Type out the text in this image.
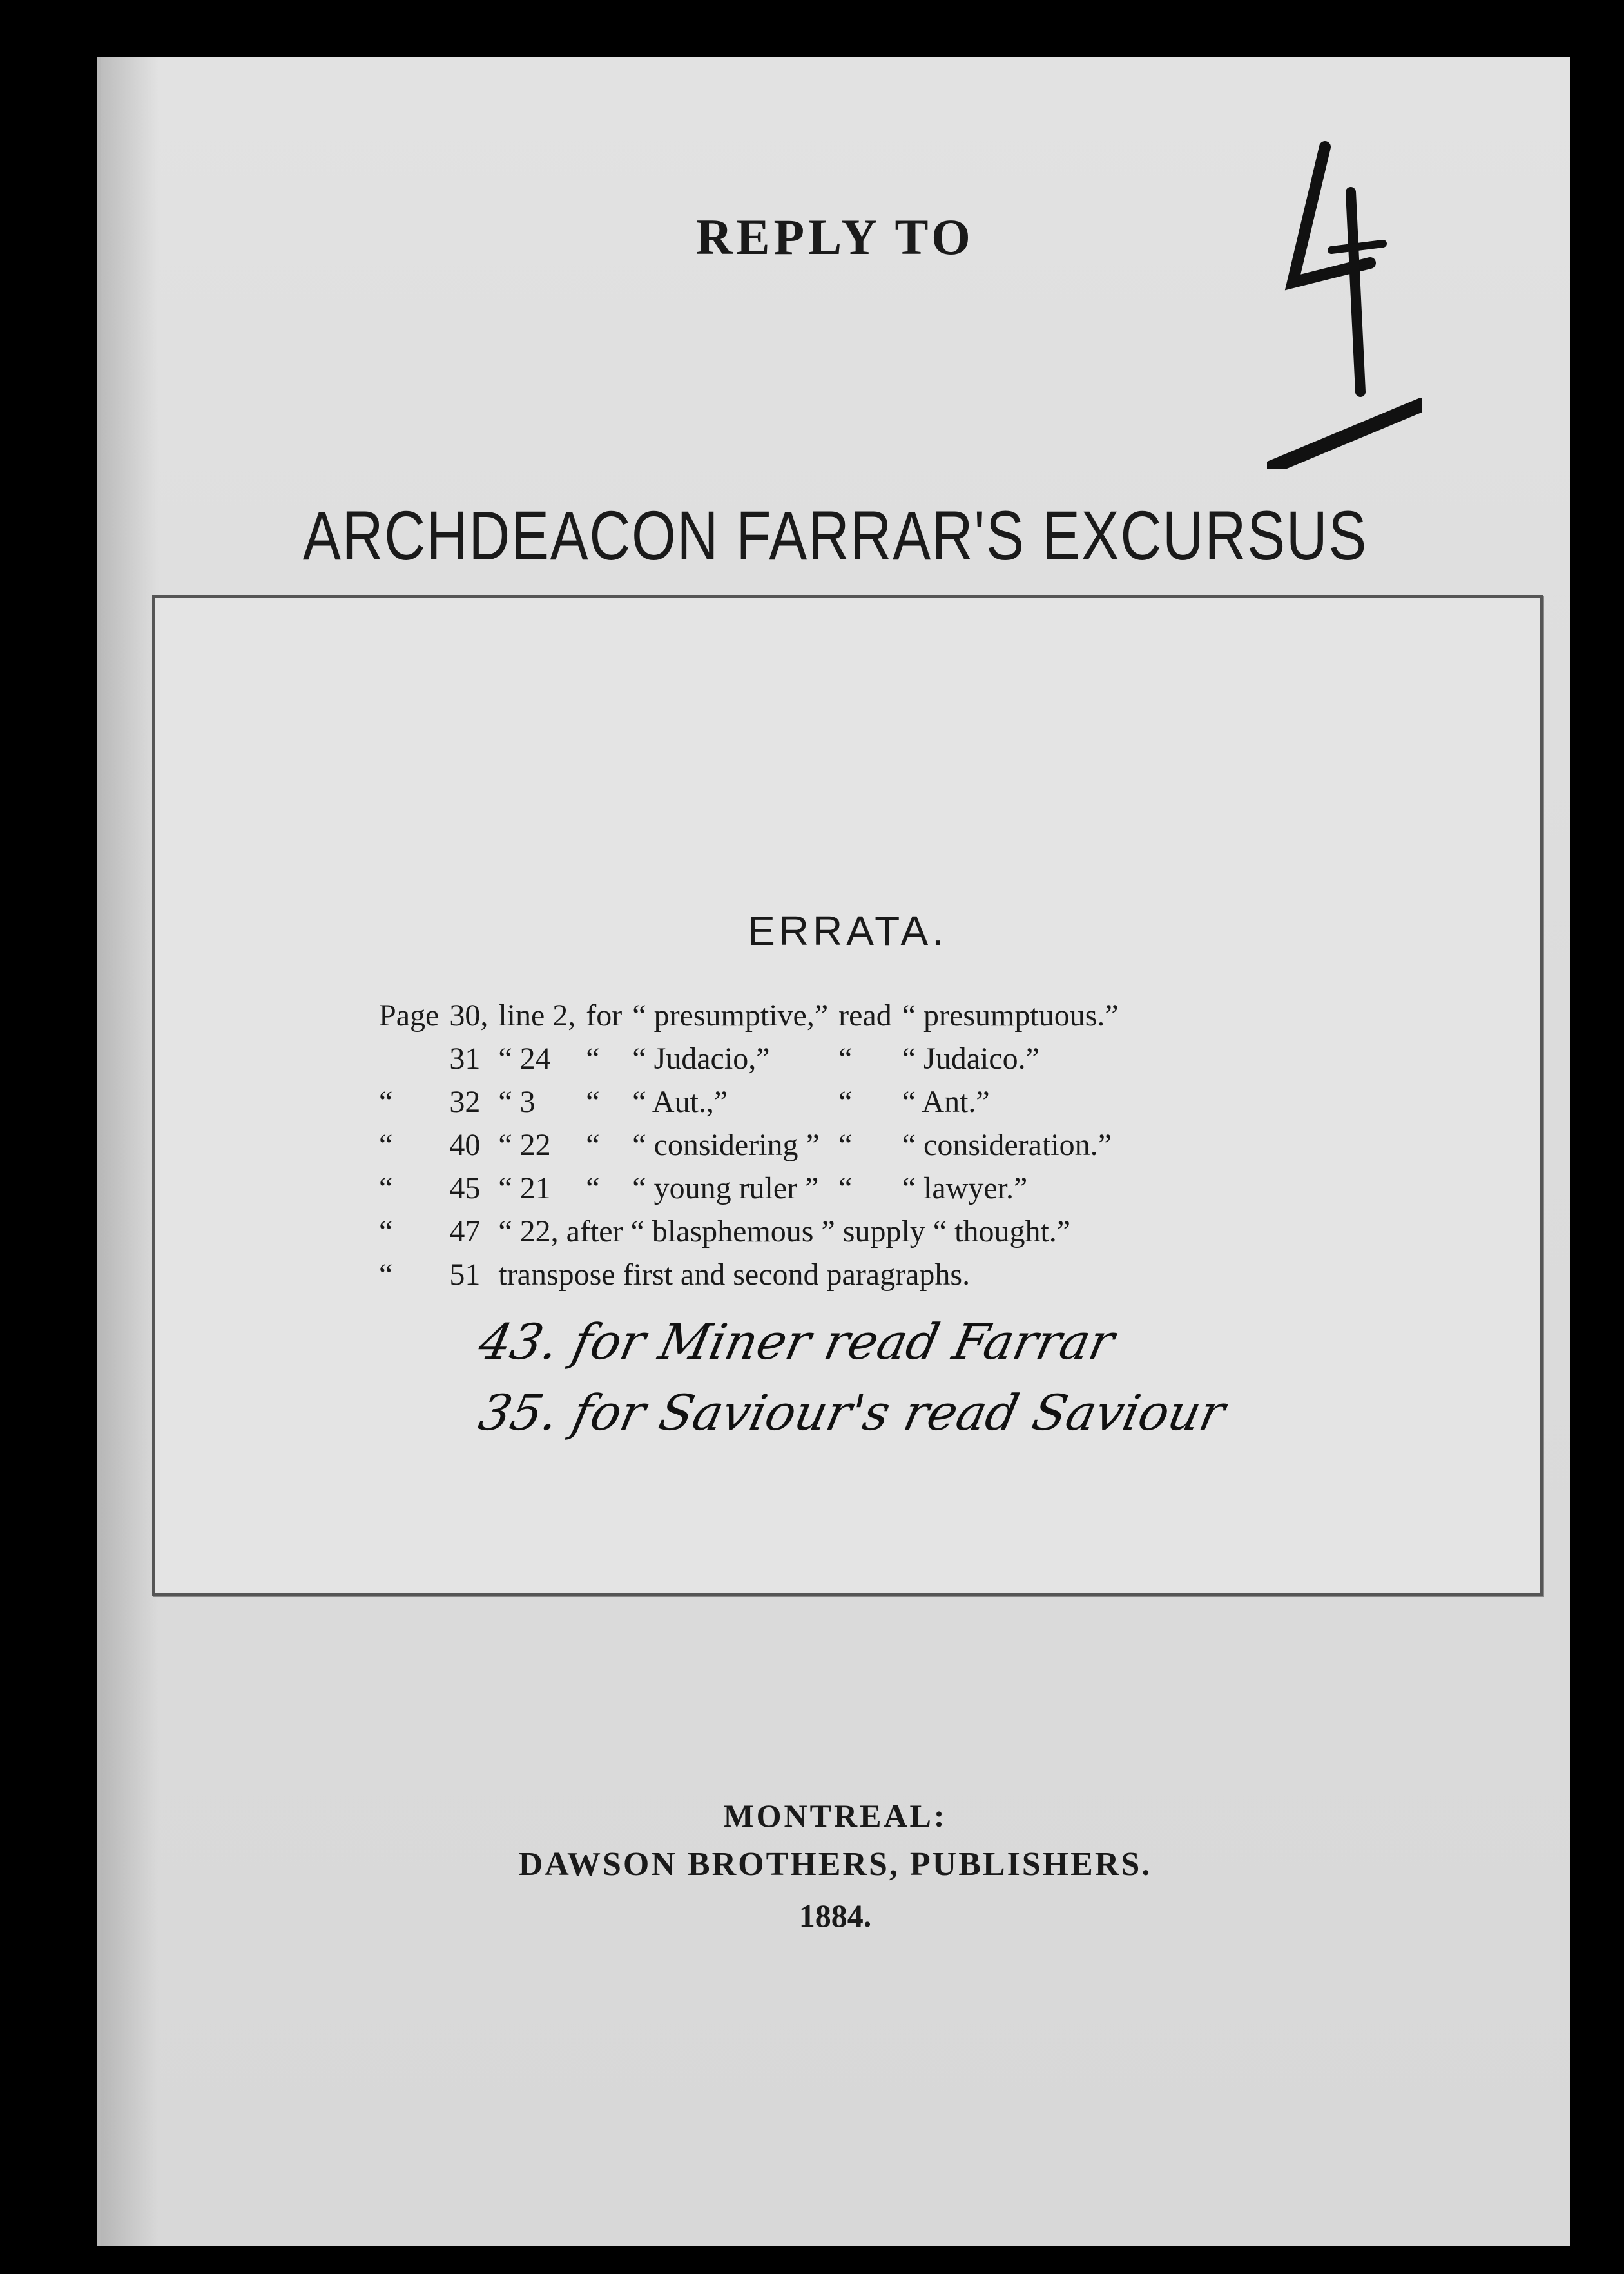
REPLY TO
ARCHDEACON FARRAR'S EXCURSUS
ERRATA.
Page	30,	line 2,	for	“ presumptive,”	read	“ presumptuous.”
	31	“ 24	“	“ Judacio,”	“	“ Judaico.”
“	32	“ 3	“	“ Aut.,”	“	“ Ant.”
“	40	“ 22	“	“ considering ”	“	“ consideration.”
“	45	“ 21	“	“ young ruler ”	“	“ lawyer.”
“	47	“ 22, after “ blasphemous ” supply “ thought.”				
“	51	transpose first and second paragraphs.				
43. for Miner read Farrar
35. for Saviour's read Saviour
MONTREAL:
DAWSON BROTHERS, PUBLISHERS.
1884.
